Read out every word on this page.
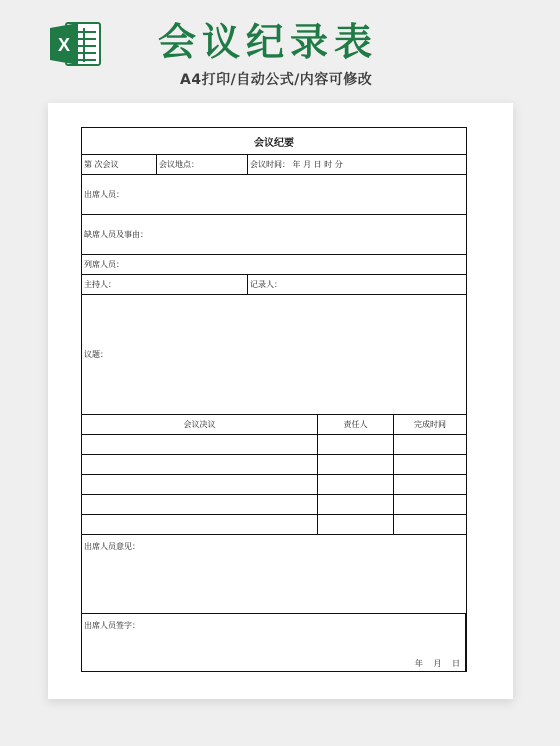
X 会议纪录表
A4打印/自动公式/内容可修改
会议纪要
第 次会议	会议地点：	会议时间： 年 月 日 时 分
出席人员：
缺席人员及事由：
列席人员：
主持人：	记录人：
议题：
会议决议	责任人	完成时间
出席人员意见：
出席人员签字：
年 月 日
